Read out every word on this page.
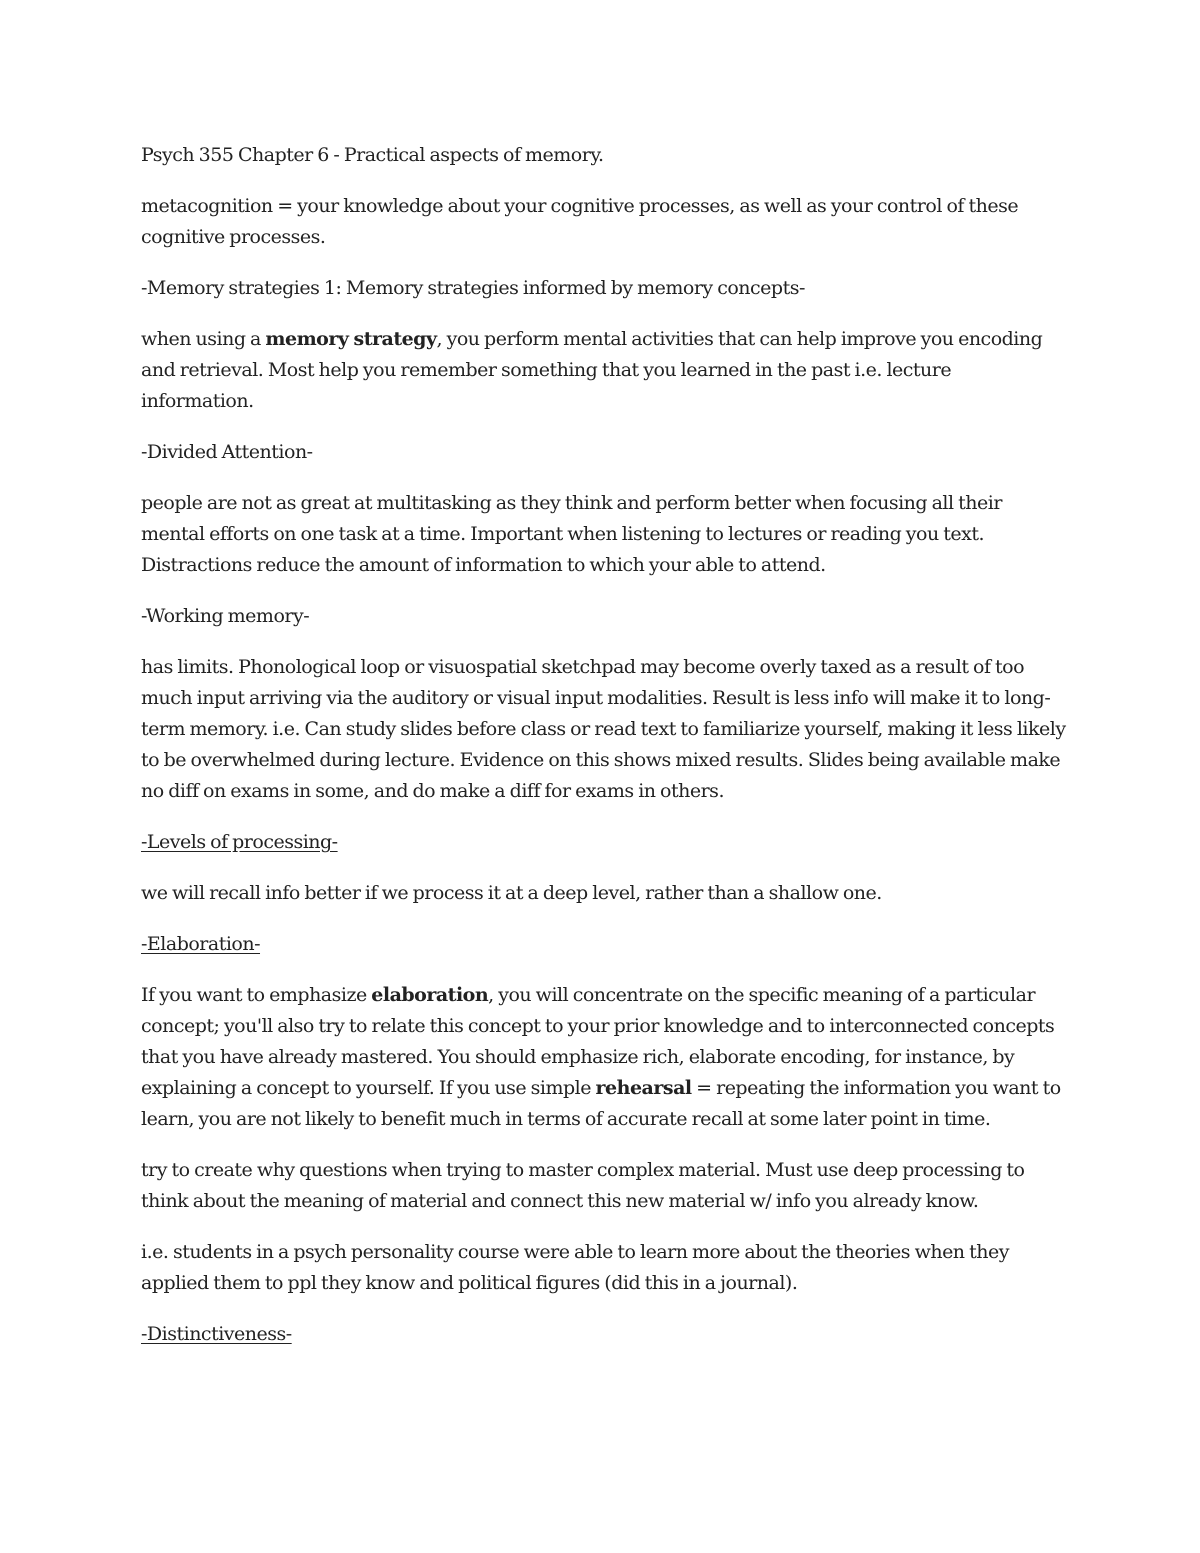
Psych 355 Chapter 6 - Practical aspects of memory.

metacognition = your knowledge about your cognitive processes, as well as your control of these cognitive processes.

-Memory strategies 1: Memory strategies informed by memory concepts-

when using a memory strategy, you perform mental activities that can help improve you encoding and retrieval. Most help you remember something that you learned in the past i.e. lecture information.

-Divided Attention-

people are not as great at multitasking as they think and perform better when focusing all their mental efforts on one task at a time. Important when listening to lectures or reading you text. Distractions reduce the amount of information to which your able to attend.

-Working memory-

has limits. Phonological loop or visuospatial sketchpad may become overly taxed as a result of too much input arriving via the auditory or visual input modalities. Result is less info will make it to long-term memory. i.e. Can study slides before class or read text to familiarize yourself, making it less likely to be overwhelmed during lecture. Evidence on this shows mixed results. Slides being available make no diff on exams in some, and do make a diff for exams in others.

-Levels of processing-

we will recall info better if we process it at a deep level, rather than a shallow one.

-Elaboration-

If you want to emphasize elaboration, you will concentrate on the specific meaning of a particular concept; you'll also try to relate this concept to your prior knowledge and to interconnected concepts that you have already mastered. You should emphasize rich, elaborate encoding, for instance, by explaining a concept to yourself. If you use simple rehearsal = repeating the information you want to learn, you are not likely to benefit much in terms of accurate recall at some later point in time.

try to create why questions when trying to master complex material. Must use deep processing to think about the meaning of material and connect this new material w/ info you already know.

i.e. students in a psych personality course were able to learn more about the theories when they applied them to ppl they know and political figures (did this in a journal).

-Distinctiveness-
